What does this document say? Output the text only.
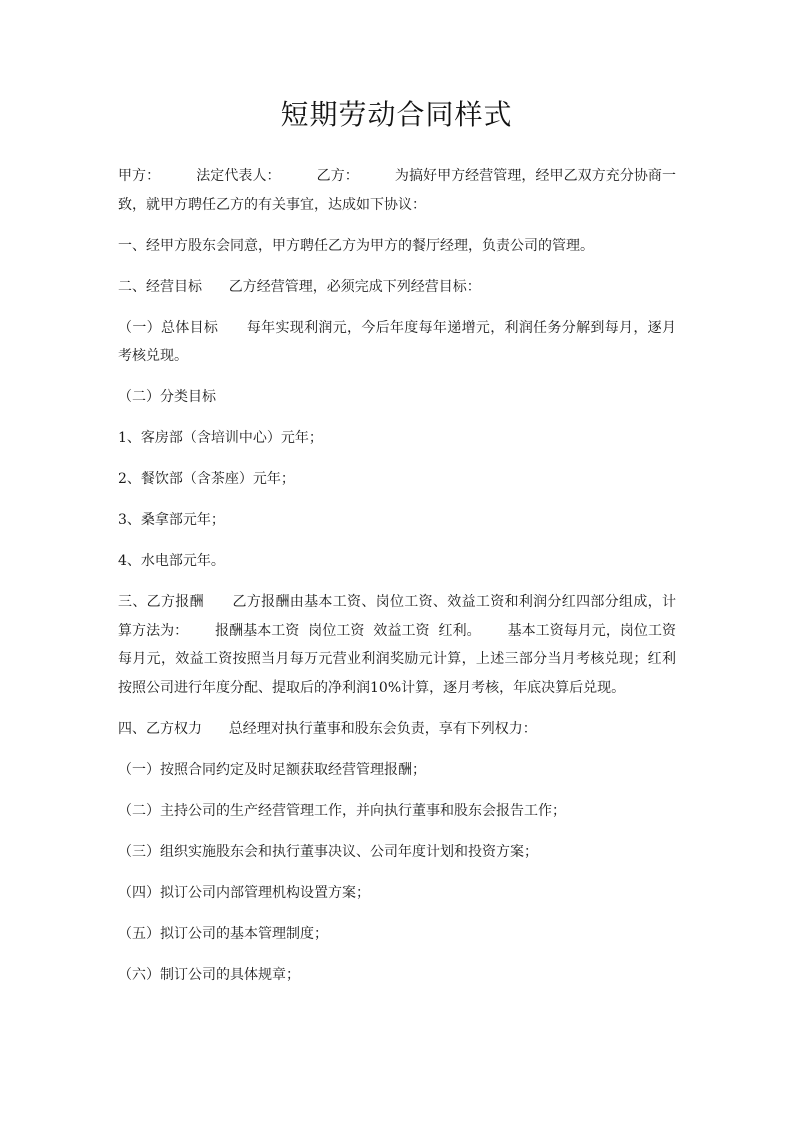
短期劳动合同样式

甲方：        法定代表人：        乙方：        为搞好甲方经营管理，经甲乙双方充分协商一致，就甲方聘任乙方的有关事宜，达成如下协议：

一、经甲方股东会同意，甲方聘任乙方为甲方的餐厅经理，负责公司的管理。

二、经营目标      乙方经营管理，必须完成下列经营目标：

（一）总体目标      每年实现利润元，今后年度每年递增元，利润任务分解到每月，逐月考核兑现。

（二）分类目标

1、客房部（含培训中心）元年；

2、餐饮部（含茶座）元年；

3、桑拿部元年；

4、水电部元年。

三、乙方报酬      乙方报酬由基本工资、岗位工资、效益工资和利润分红四部分组成，计算方法为：      报酬基本工资  岗位工资  效益工资  红利。      基本工资每月元，岗位工资每月元，效益工资按照当月每万元营业利润奖励元计算，上述三部分当月考核兑现；红利按照公司进行年度分配、提取后的净利润10%计算，逐月考核，年底决算后兑现。

四、乙方权力      总经理对执行董事和股东会负责，享有下列权力：

（一）按照合同约定及时足额获取经营管理报酬；

（二）主持公司的生产经营管理工作，并向执行董事和股东会报告工作；

（三）组织实施股东会和执行董事决议、公司年度计划和投资方案；

（四）拟订公司内部管理机构设置方案；

（五）拟订公司的基本管理制度；

（六）制订公司的具体规章；
